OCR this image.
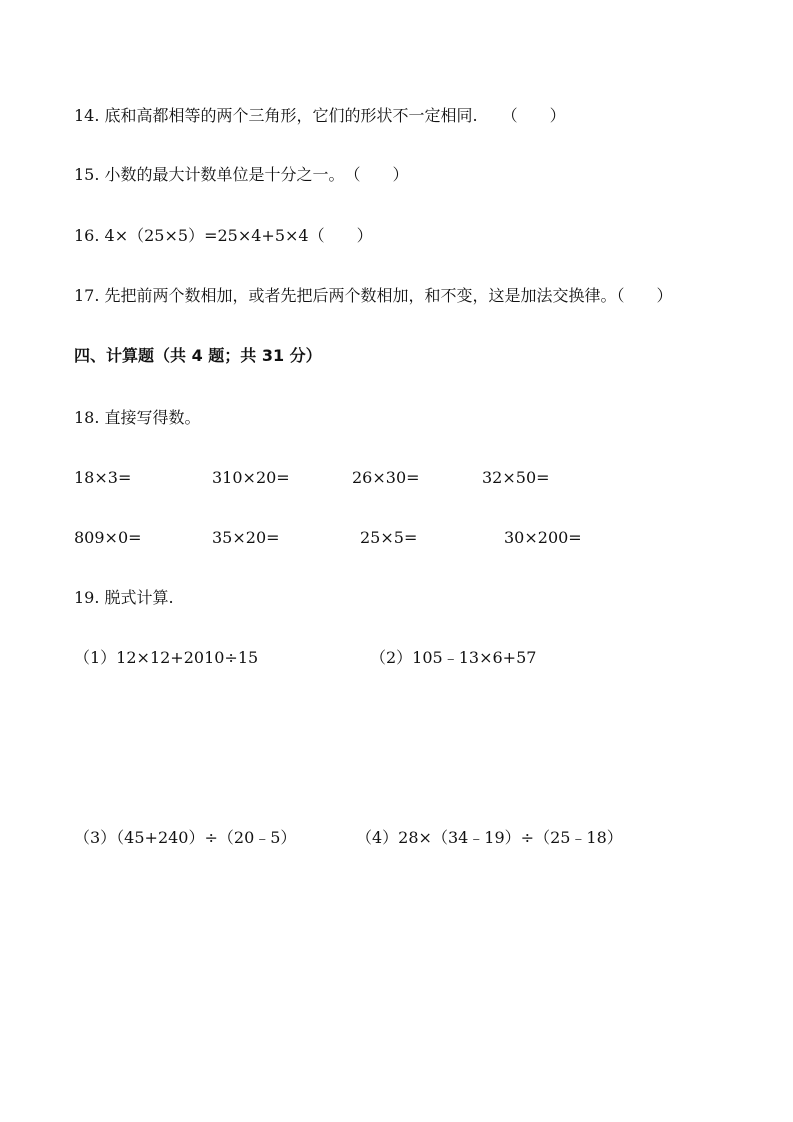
14. 底和高都相等的两个三角形，它们的形状不一定相同.　　（　　）
15. 小数的最大计数单位是十分之一。　（　　）
16. 4×（25×5）=25×4+5×4（　　）
17. 先把前两个数相加，或者先把后两个数相加，和不变，这是加法交换律。（　　）
四、计算题（共 4 题；共 31 分）
18. 直接写得数。
18×3=	310×20=	26×30=	32×50=
809×0=	35×20=	25×5=	30×200=
19. 脱式计算.
（1）12×12+2010÷15	（2）105﹣13×6+57
（3）（45+240）÷（20﹣5）	（4）28×（34﹣19）÷（25﹣18）
